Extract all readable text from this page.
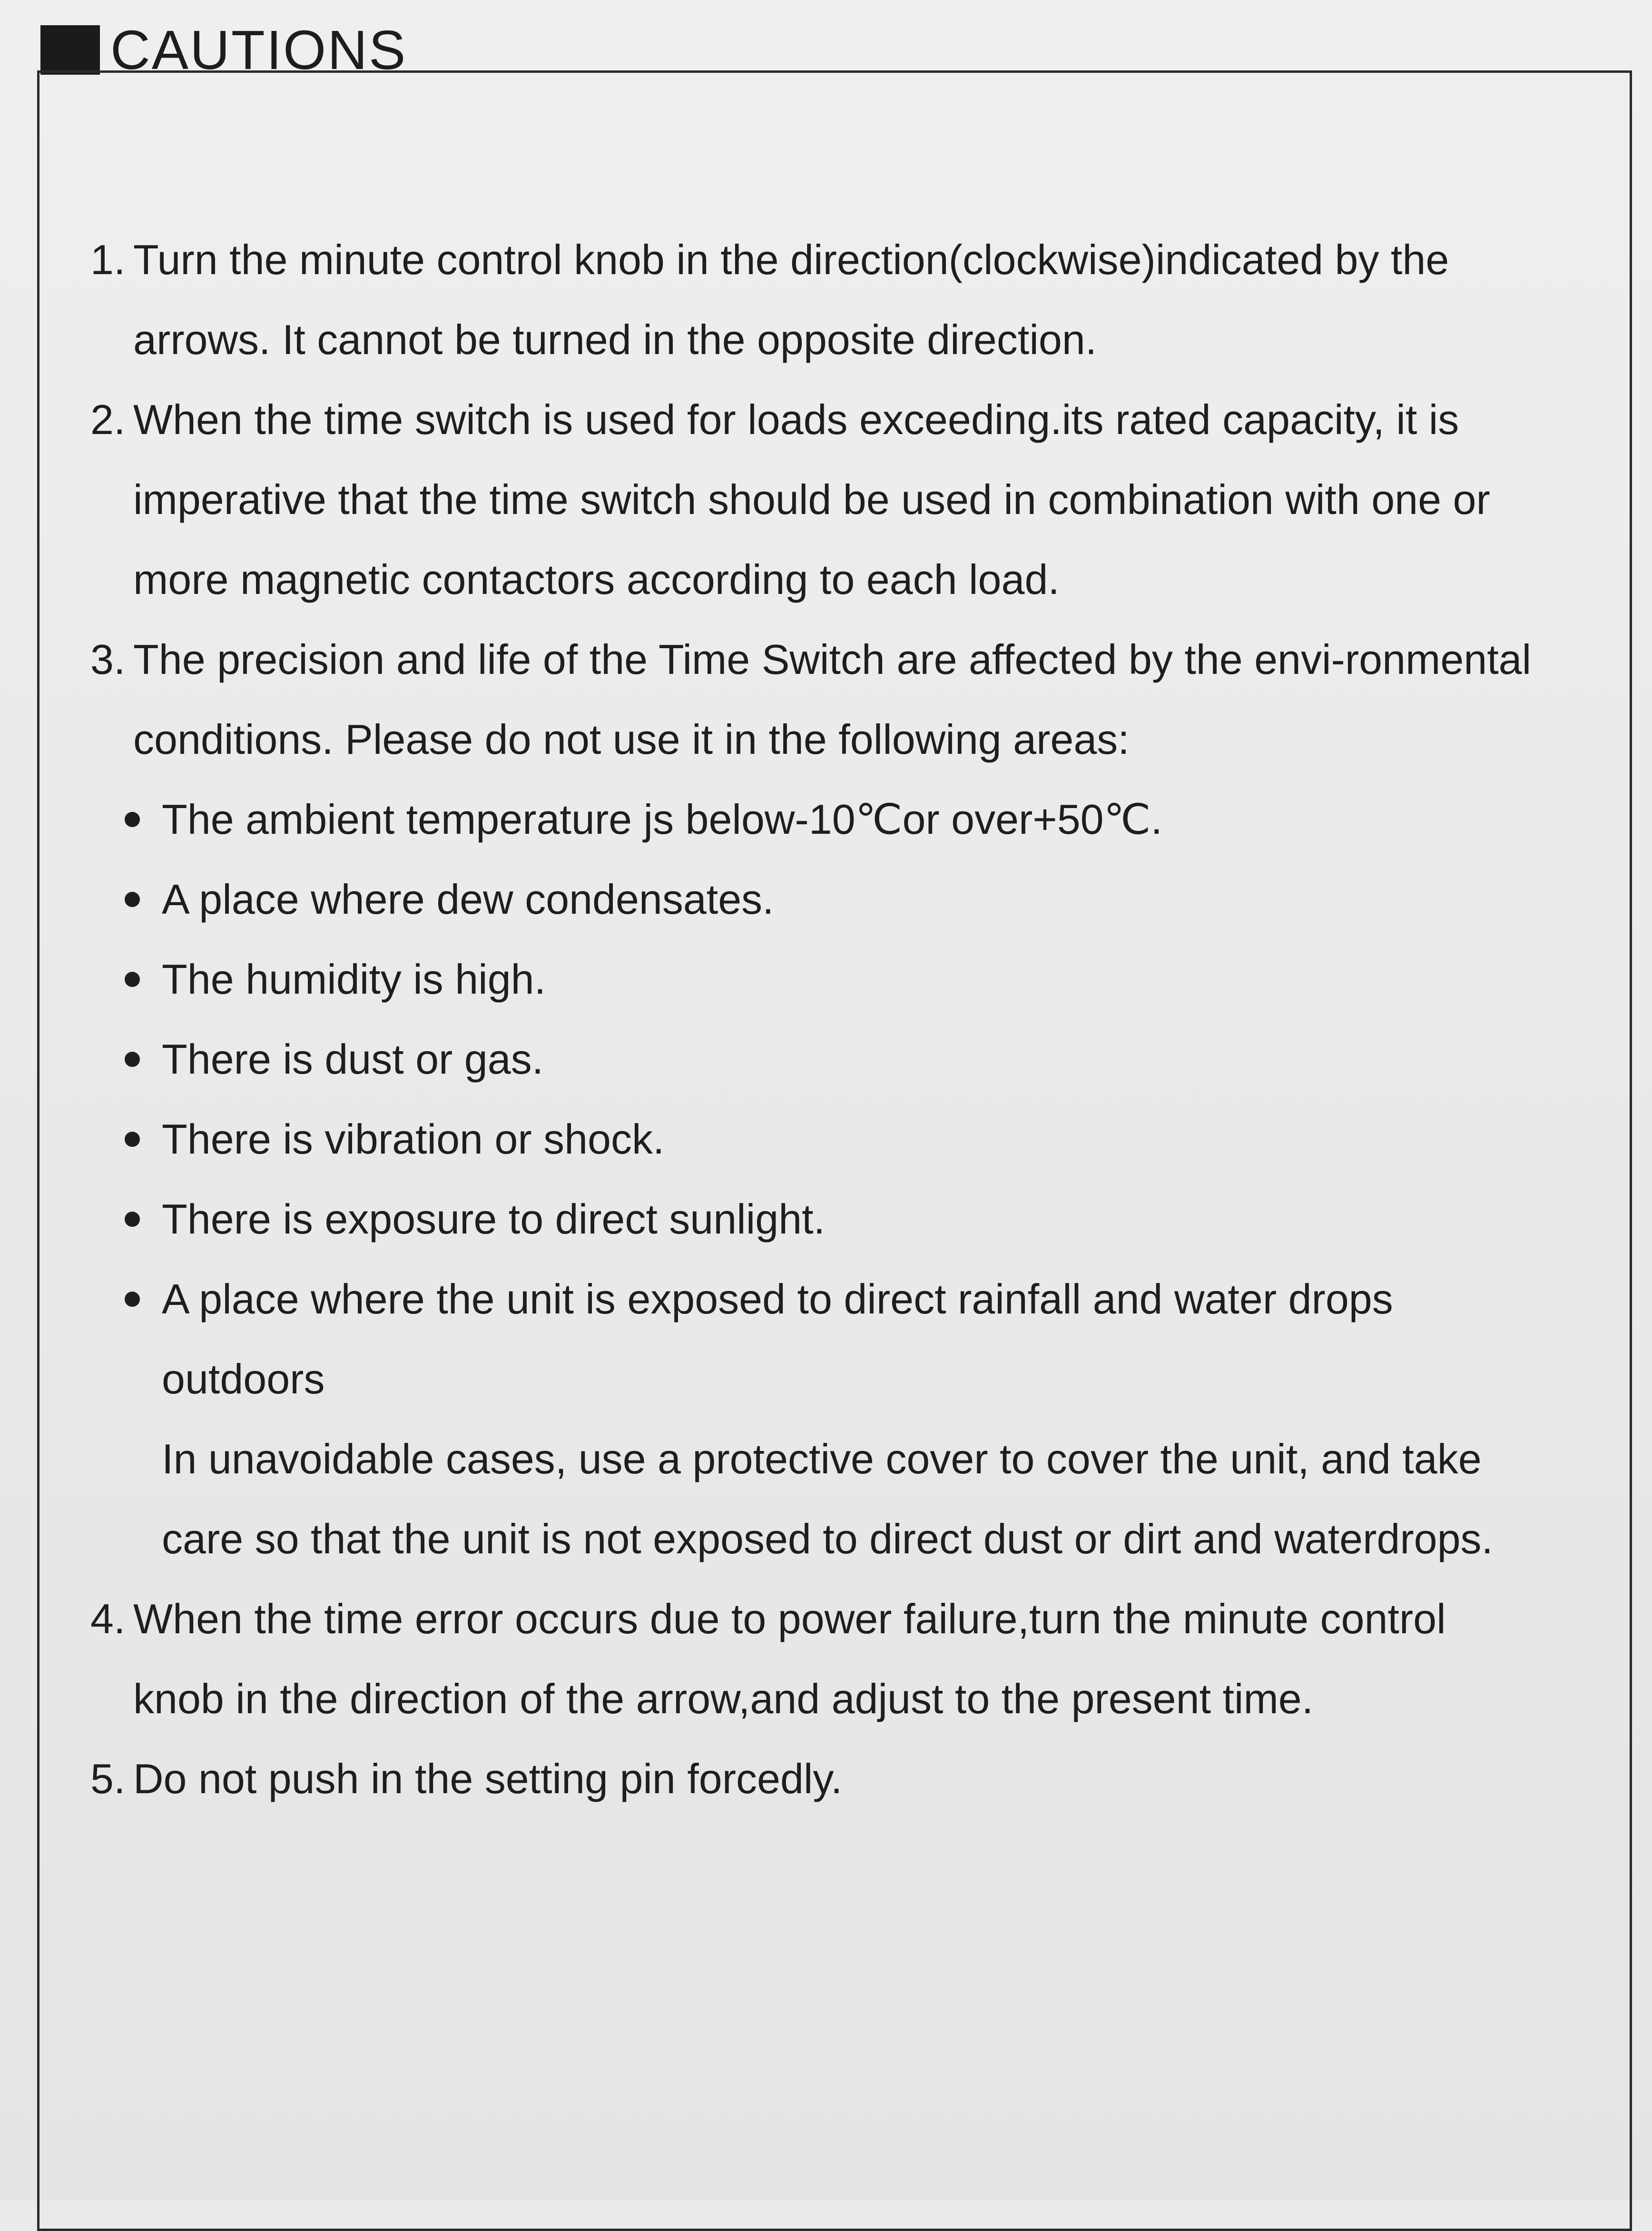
CAUTIONS
1. Turn the minute control knob in the direction(clockwise)indicated by the arrows. It cannot be turned in the opposite direction.
2. When the time switch is used for loads exceeding.its rated capacity, it is imperative that the time switch should be used in combination with one or more magnetic contactors according to each load.
3. The precision and life of the Time Switch are affected by the envi-ronmental conditions. Please do not use it in the following areas:
The ambient temperature js below-10℃or over+50℃.
A place where dew condensates.
The humidity is high.
There is dust or gas.
There is vibration or shock.
There is exposure to direct sunlight.
A place where the unit is exposed to direct rainfall and water drops outdoors
In unavoidable cases, use a protective cover to cover the unit, and take care so that the unit is not exposed to direct dust or dirt and waterdrops.
4. When the time error occurs due to power failure,turn the minute control knob in the direction of the arrow,and adjust to the present time.
5. Do not push in the setting pin forcedly.
